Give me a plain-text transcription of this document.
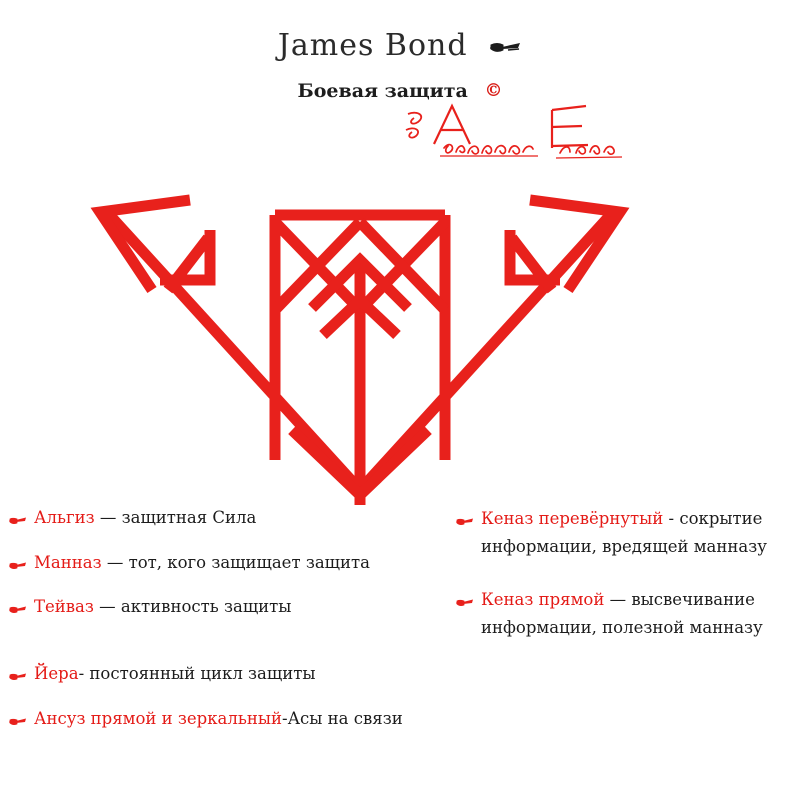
James Bond
Боевая защита ©
Альгиз — защитная Сила
Манназ — тот, кого защищает защита
Тейваз — активность защиты
Йера- постоянный цикл защиты
Ансуз прямой и зеркальный-Асы на связи
Кеназ перевёрнутый - сокрытие информации, вредящей манназу
Кеназ прямой — высвечивание информации, полезной манназу
